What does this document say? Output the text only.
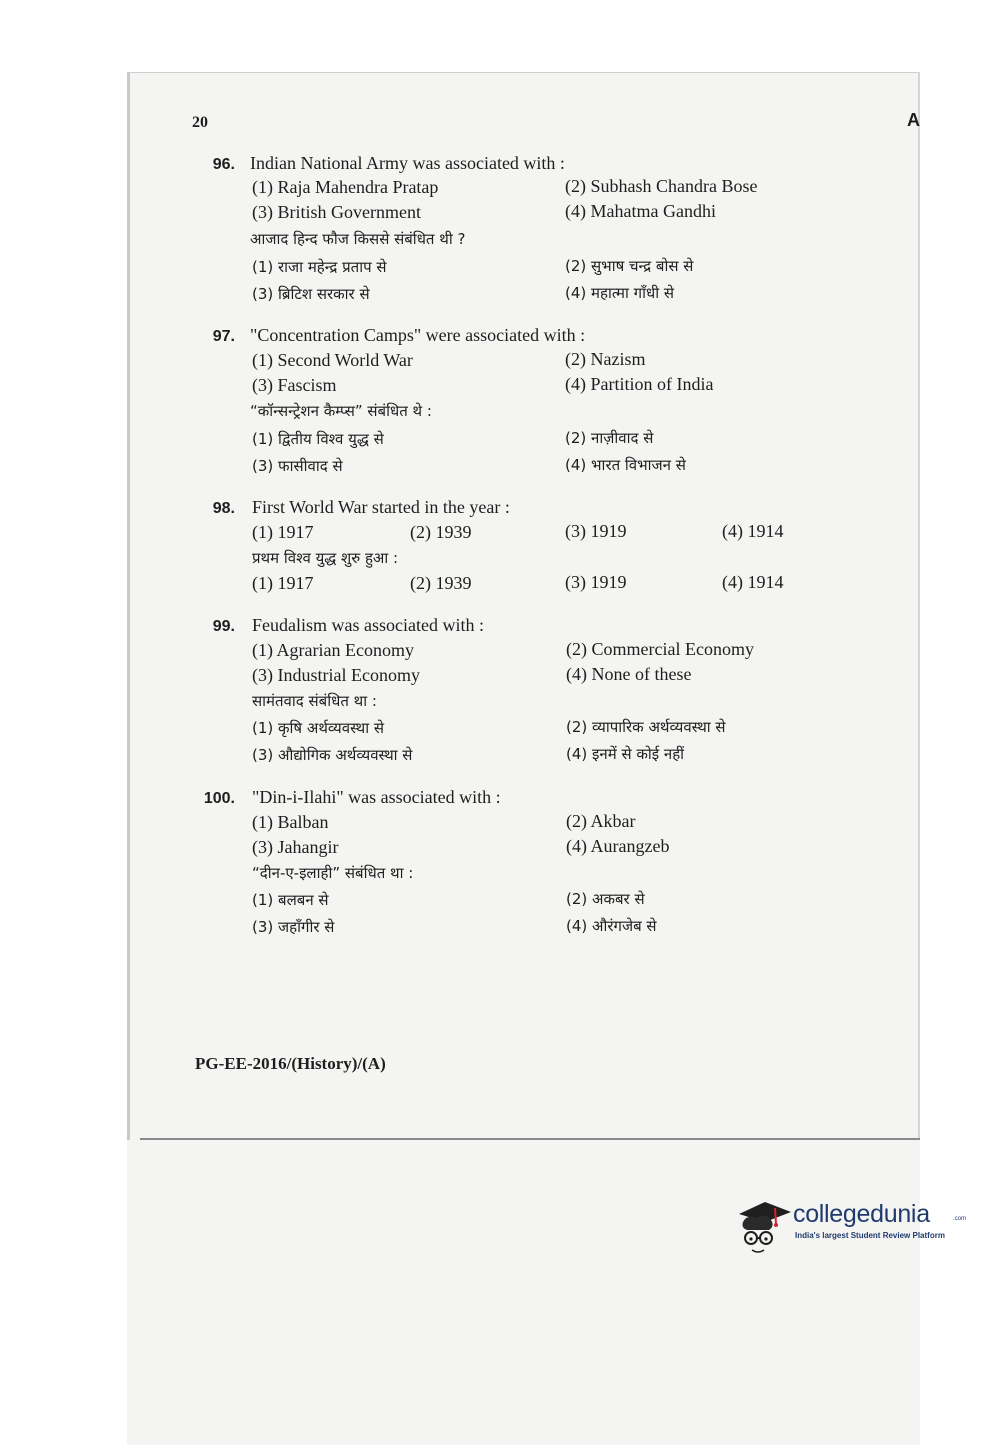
20	A
96. Indian National Army was associated with :
(1) Raja Mahendra Pratap	(2) Subhash Chandra Bose
(3) British Government	(4) Mahatma Gandhi
आजाद हिन्द फौज किससे संबंधित थी ?
(1) राजा महेन्द्र प्रताप से	(2) सुभाष चन्द्र बोस से
(3) ब्रिटिश सरकार से	(4) महात्मा गाँधी से
97. "Concentration Camps" were associated with :
(1) Second World War	(2) Nazism
(3) Fascism	(4) Partition of India
“कॉन्सन्ट्रेशन कैम्प्स” संबंधित थे :
(1) द्वितीय विश्व युद्ध से	(2) नाज़ीवाद से
(3) फासीवाद से	(4) भारत विभाजन से
98. First World War started in the year :
(1) 1917	(2) 1939	(3) 1919	(4) 1914
प्रथम विश्व युद्ध शुरु हुआ :
(1) 1917	(2) 1939	(3) 1919	(4) 1914
99. Feudalism was associated with :
(1) Agrarian Economy	(2) Commercial Economy
(3) Industrial Economy	(4) None of these
सामंतवाद संबंधित था :
(1) कृषि अर्थव्यवस्था से	(2) व्यापारिक अर्थव्यवस्था से
(3) औद्योगिक अर्थव्यवस्था से	(4) इनमें से कोई नहीं
100. "Din-i-Ilahi" was associated with :
(1) Balban	(2) Akbar
(3) Jahangir	(4) Aurangzeb
“दीन-ए-इलाही” संबंधित था :
(1) बलबन से	(2) अकबर से
(3) जहाँगीर से	(4) औरंगजेब से
PG-EE-2016/(History)/(A)
collegedunia	.com
India's largest Student Review Platform
